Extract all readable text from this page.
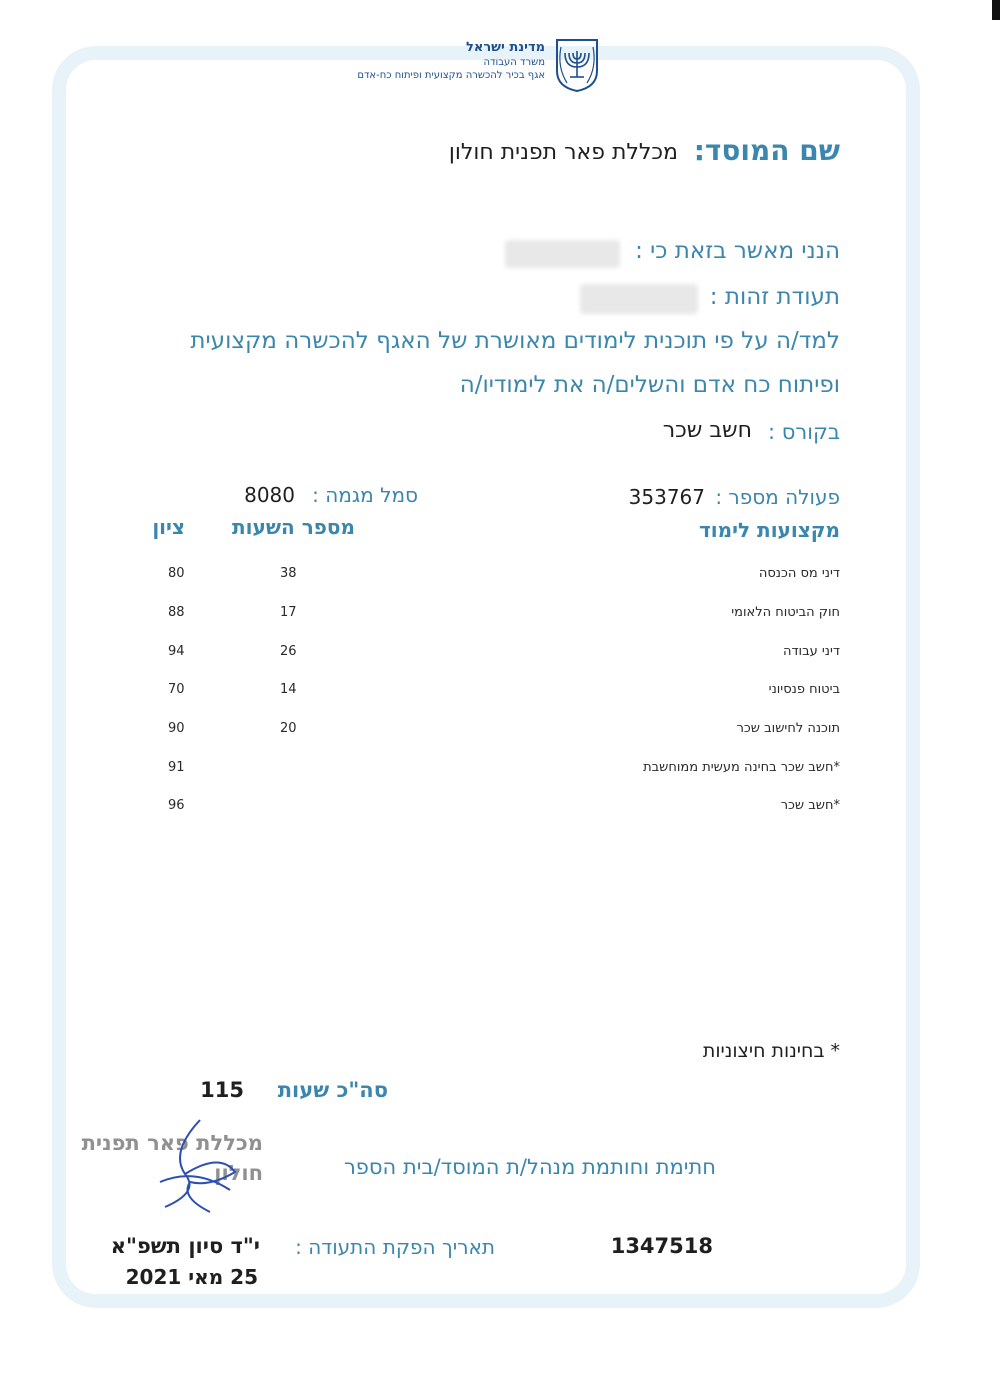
מדינת ישראל
משרד העבודה
אגף בכיר להכשרה מקצועית ופיתוח כח-אדם
שם המוסד:
מכללת פאר תפנית חולון
הנני מאשר בזאת כי :
תעודת זהות :
למד/ה על פי תוכנית לימודים מאושרת של האגף להכשרה מקצועית
ופיתוח כח אדם והשלים/ה את לימודיו/ה
בקורס :
חשב שכר
פעולה מספר :
353767
סמל מגמה :
8080
מקצועות לימוד
מספר השעות
ציון
דיני מס הכנסה
38
80
חוק הביטוח הלאומי
17
88
דיני עבודה
26
94
ביטוח פנסיוני
14
70
תוכנה לחישוב שכר
20
90
*חשב שכר בחינה מעשית ממוחשבת
91
*חשב שכר
96
* בחינות חיצוניות
סה"כ שעות
115
חתימת וחותמת מנהל/ת המוסד/בית הספר
מכללת פאר תפנית
חולון
תאריך הפקת התעודה :
י"ד סיון תשפ"א
25 מאי 2021
1347518
